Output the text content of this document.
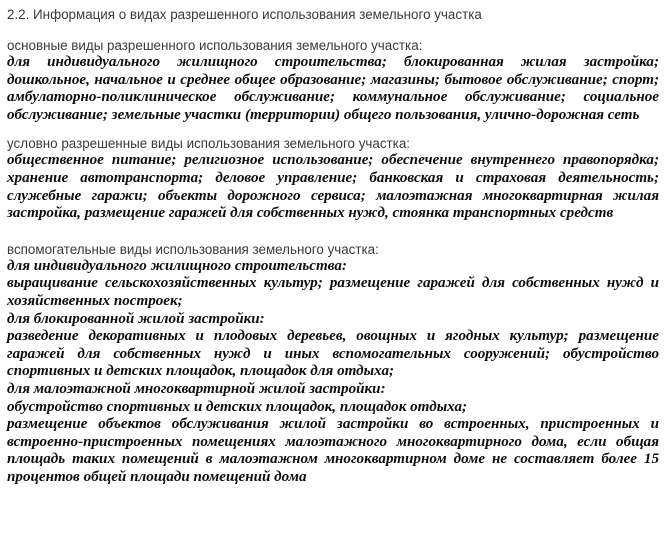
2.2. Информация о видах разрешенного использования земельного участка
основные виды разрешенного использования земельного участка:

для индивидуального жилищного строительства; блокированная жилая застройка; дошкольное, начальное и среднее общее образование; магазины; бытовое обслуживание; спорт; амбулаторно-поликлиническое обслуживание; коммунальное обслуживание; социальное обслуживание; земельные участки (территории) общего пользования, улично-дорожная сеть

условно разрешенные виды использования земельного участка:

общественное питание; религиозное использование; обеспечение внутреннего правопорядка; хранение автотранспорта; деловое управление; банковская и страховая деятельность; служебные гаражи; объекты дорожного сервиса; малоэтажная многоквартирная жилая застройка, размещение гаражей для собственных нужд, стоянка транспортных средств

вспомогательные виды использования земельного участка:

для индивидуального жилищного строительства:

выращивание сельскохозяйственных культур; размещение гаражей для собственных нужд и хозяйственных построек;

для блокированной жилой застройки:

разведение декоративных и плодовых деревьев, овощных и ягодных культур; размещение гаражей для собственных нужд и иных вспомогательных сооружений; обустройство спортивных и детских площадок, площадок для отдыха;

для малоэтажной многоквартирной жилой застройки:

обустройство спортивных и детских площадок, площадок отдыха;

размещение объектов обслуживания жилой застройки во встроенных, пристроенных и встроенно-пристроенных помещениях малоэтажного многоквартирного дома, если общая площадь таких помещений в малоэтажном многоквартирном доме не составляет более 15 процентов общей площади помещений дома
